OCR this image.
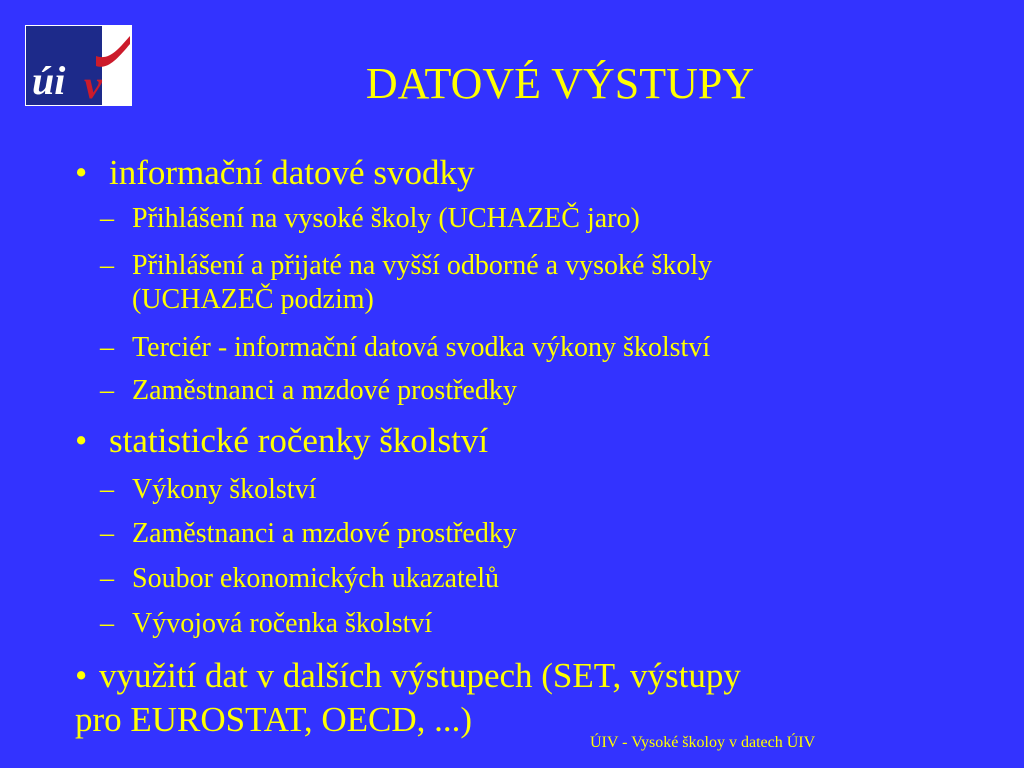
úi v	DATOVÉ VÝSTUPY
• informační datové svodky
– Přihlášení na vysoké školy (UCHAZEČ jaro)
– Přihlášení a přijaté na vyšší odborné a vysoké školy
(UCHAZEČ podzim)
– Terciér - informační datová svodka výkony školství
– Zaměstnanci a mzdové prostředky
• statistické ročenky školství
– Výkony školství
– Zaměstnanci a mzdové prostředky
– Soubor ekonomických ukazatelů
– Vývojová ročenka školství
• využití dat v dalších výstupech (SET, výstupy
pro EUROSTAT, OECD, ...)
ÚIV - Vysoké školoy v datech ÚIV
